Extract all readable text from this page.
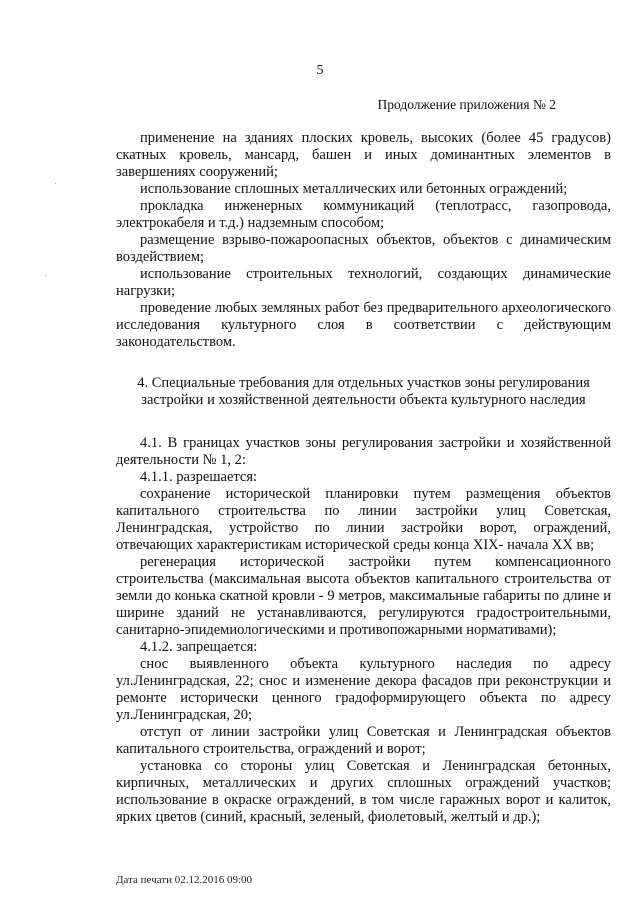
5
Продолжение приложения № 2
·
·

применение на зданиях плоских кровель, высоких (более 45 градусов) скатных кровель, мансард, башен и иных доминантных элементов в завершениях сооружений;

использование сплошных металлических или бетонных ограждений;

прокладка инженерных коммуникаций (теплотрасс, газопровода, электрокабеля и т.д.) надземным способом;

размещение взрыво-пожароопасных объектов, объектов с динамическим воздействием;

использование строительных технологий, создающих динамические нагрузки;

проведение любых земляных работ без предварительного археологического исследования культурного слоя в соответствии с действующим законодательством.

4. Специальные требования для отдельных участков зоны регулирования застройки и хозяйственной деятельности объекта культурного наследия

4.1. В границах участков зоны регулирования застройки и хозяйственной деятельности № 1, 2:

4.1.1. разрешается:

сохранение исторической планировки путем размещения объектов капитального строительства по линии застройки улиц Советская, Ленинградская, устройство по линии застройки ворот, ограждений, отвечающих характеристикам исторической среды конца XIX- начала XX вв;

регенерация исторической застройки путем компенсационного строительства (максимальная высота объектов капитального строительства от земли до конька скатной кровли - 9 метров, максимальные габариты по длине и ширине зданий не устанавливаются, регулируются градостроительными, санитарно-эпидемиологическими и противопожарными нормативами);

4.1.2. запрещается:

снос выявленного объекта культурного наследия по адресу ул.Ленинградская, 22; снос и изменение декора фасадов при реконструкции и ремонте исторически ценного градоформирующего объекта по адресу ул.Ленинградская, 20;

отступ от линии застройки улиц Советская и Ленинградская объектов капитального строительства, ограждений и ворот;

установка со стороны улиц Советская и Ленинградская бетонных, кирпичных, металлических и других сплошных ограждений участков; использование в окраске ограждений, в том числе гаражных ворот и калиток, ярких цветов (синий, красный, зеленый, фиолетовый, желтый и др.);

Дата печати 02.12.2016 09:00
